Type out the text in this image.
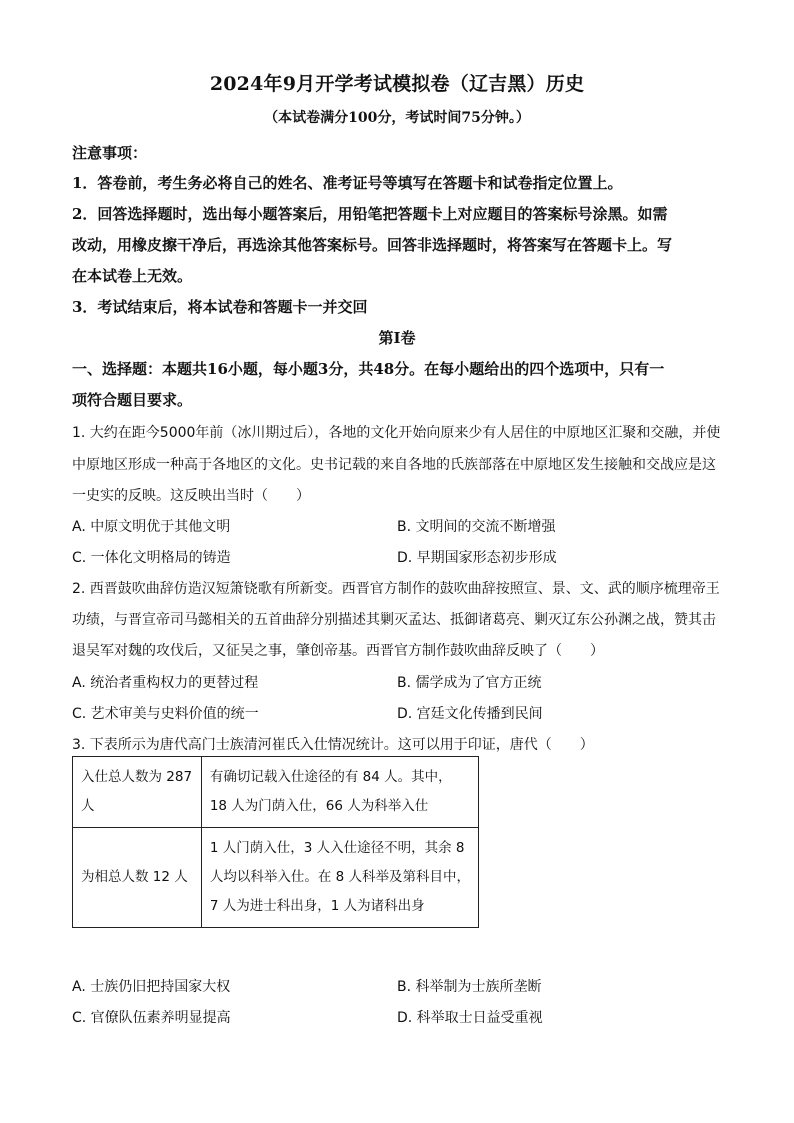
2024年9月开学考试模拟卷（辽吉黑）历史
（本试卷满分100分，考试时间75分钟。）
注意事项：
1．答卷前，考生务必将自己的姓名、准考证号等填写在答题卡和试卷指定位置上。
2．回答选择题时，选出每小题答案后，用铅笔把答题卡上对应题目的答案标号涂黑。如需
改动，用橡皮擦干净后，再选涂其他答案标号。回答非选择题时，将答案写在答题卡上。写
在本试卷上无效。
3．考试结束后，将本试卷和答题卡一并交回
第Ⅰ卷
一、选择题：本题共16小题，每小题3分，共48分。在每小题给出的四个选项中，只有一
项符合题目要求。
1. 大约在距今5000年前（冰川期过后），各地的文化开始向原来少有人居住的中原地区汇聚和交融，并使
中原地区形成一种高于各地区的文化。史书记载的来自各地的氏族部落在中原地区发生接触和交战应是这
一史实的反映。这反映出当时（　　）
A. 中原文明优于其他文明	B. 文明间的交流不断增强
C. 一体化文明格局的铸造	D. 早期国家形态初步形成
2. 西晋鼓吹曲辞仿造汉短箫铙歌有所新变。西晋官方制作的鼓吹曲辞按照宣、景、文、武的顺序梳理帝王
功绩，与晋宣帝司马懿相关的五首曲辞分别描述其剿灭孟达、抵御诸葛亮、剿灭辽东公孙渊之战，赞其击
退吴军对魏的攻伐后，又征吴之事，肇创帝基。西晋官方制作鼓吹曲辞反映了（　　）
A. 统治者重构权力的更替过程	B. 儒学成为了官方正统
C. 艺术审美与史料价值的统一	D. 宫廷文化传播到民间
3. 下表所示为唐代高门士族清河崔氏入仕情况统计。这可以用于印证，唐代（　　）
入仕总人数为 287
人	有确切记载入仕途径的有 84 人。其中，
18 人为门荫入仕，66 人为科举入仕

为相总人数 12 人	1 人门荫入仕，3 人入仕途径不明，其余 8
人均以科举入仕。在 8 人科举及第科目中，
7 人为进士科出身，1 人为诸科出身
A. 士族仍旧把持国家大权	B. 科举制为士族所垄断
C. 官僚队伍素养明显提高	D. 科举取士日益受重视
